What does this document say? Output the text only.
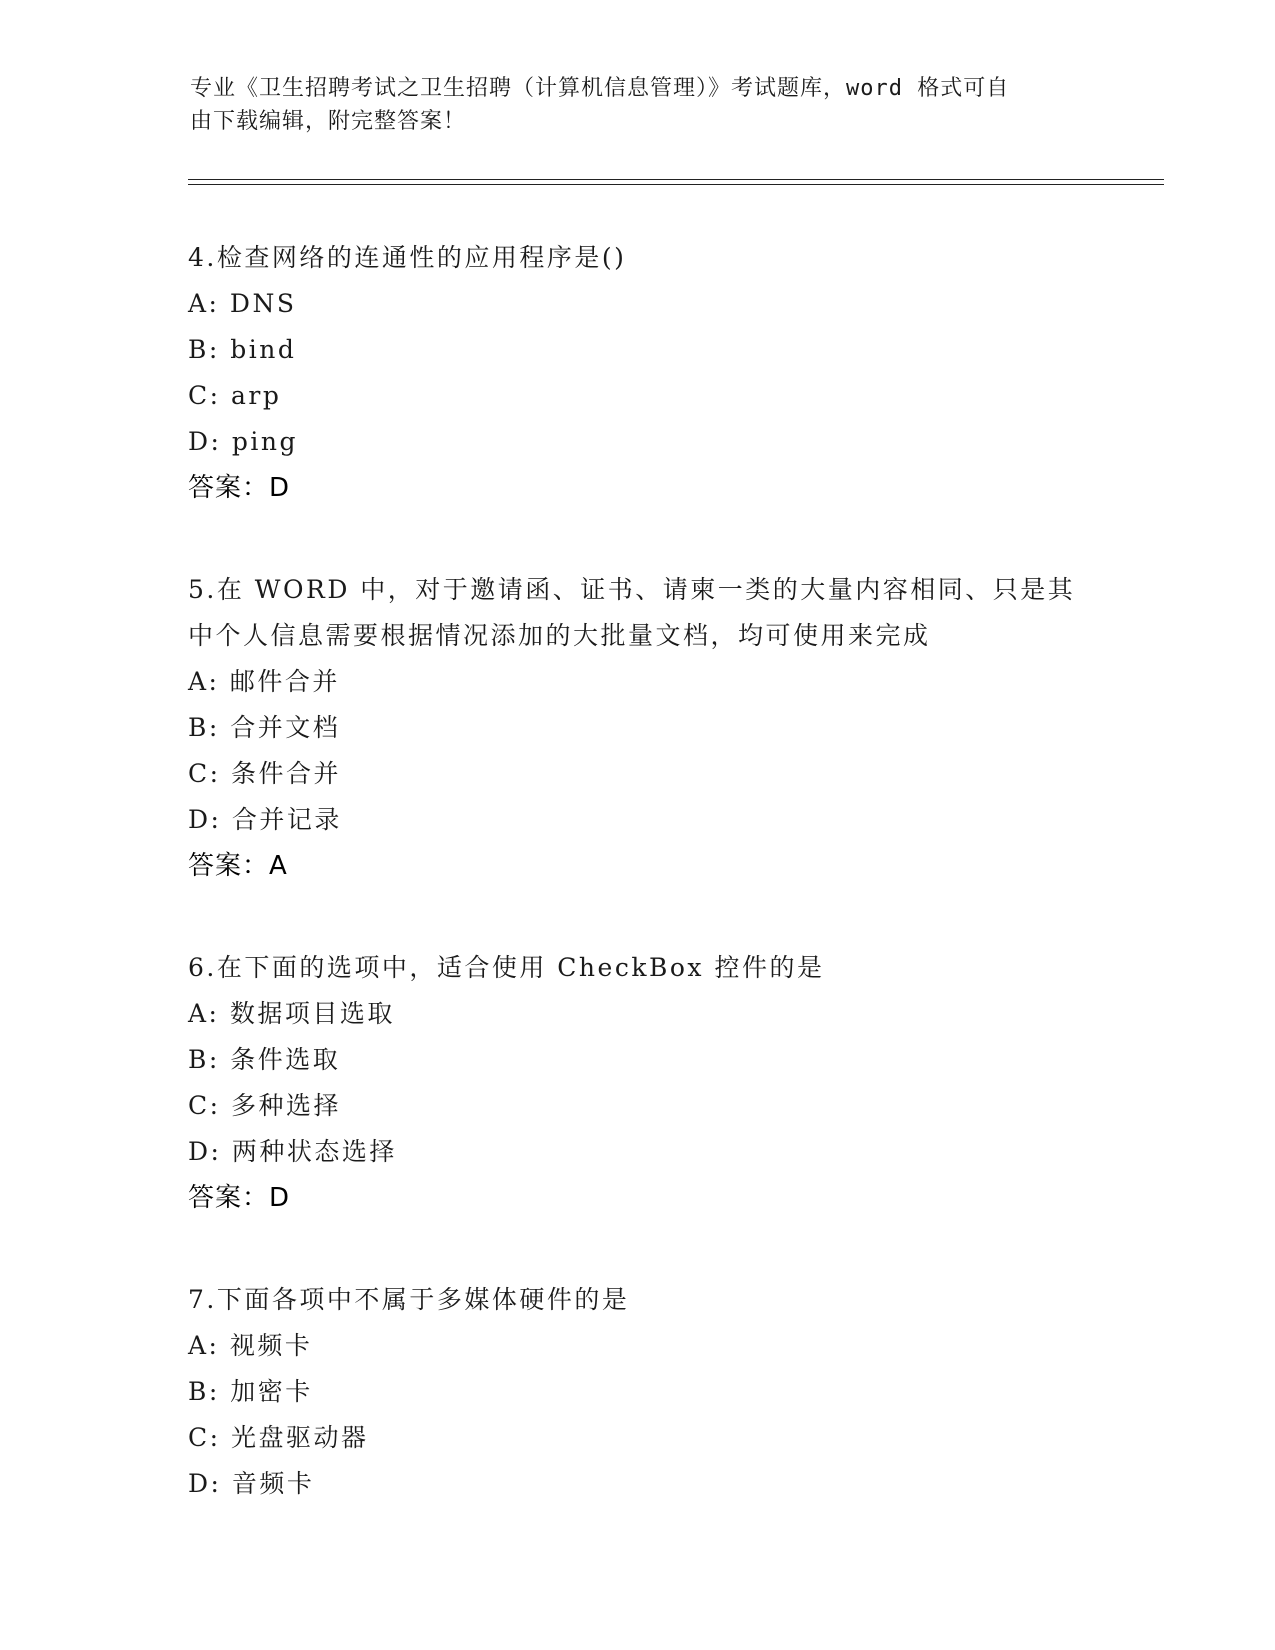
专业《卫生招聘考试之卫生招聘（计算机信息管理）》考试题库，word 格式可自
由下载编辑，附完整答案！
4.检查网络的连通性的应用程序是()
A: DNS
B: bind
C: arp
D: ping
答案：D
5.在 WORD 中，对于邀请函、证书、请柬一类的大量内容相同、只是其
中个人信息需要根据情况添加的大批量文档，均可使用来完成
A: 邮件合并
B: 合并文档
C: 条件合并
D: 合并记录
答案：A
6.在下面的选项中，适合使用 CheckBox 控件的是
A: 数据项目选取
B: 条件选取
C: 多种选择
D: 两种状态选择
答案：D
7.下面各项中不属于多媒体硬件的是
A: 视频卡
B: 加密卡
C: 光盘驱动器
D: 音频卡
